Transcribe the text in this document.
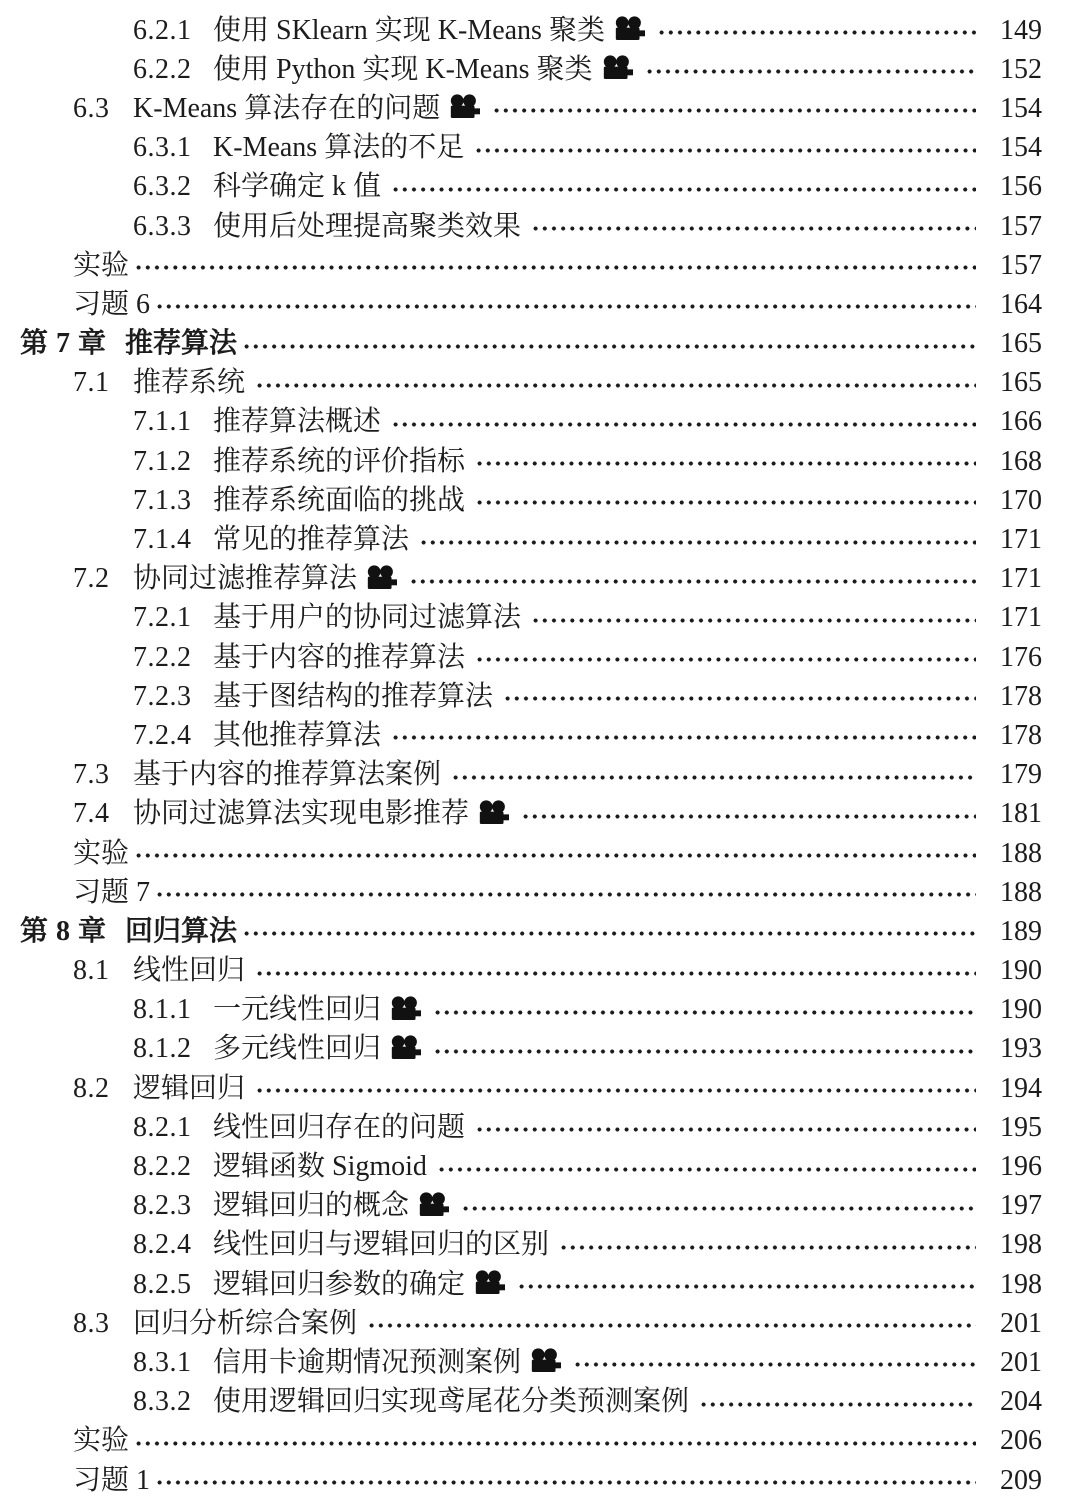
6.2.1 使用 SKlearn 实现 K-Means 聚类	149
6.2.2 使用 Python 实现 K-Means 聚类	152
6.3 K-Means 算法存在的问题	154
6.3.1 K-Means 算法的不足	154
6.3.2 科学确定 k 值	156
6.3.3 使用后处理提高聚类效果	157
实验	157
习题 6	164
第 7 章 推荐算法	165
7.1 推荐系统	165
7.1.1 推荐算法概述	166
7.1.2 推荐系统的评价指标	168
7.1.3 推荐系统面临的挑战	170
7.1.4 常见的推荐算法	171
7.2 协同过滤推荐算法	171
7.2.1 基于用户的协同过滤算法	171
7.2.2 基于内容的推荐算法	176
7.2.3 基于图结构的推荐算法	178
7.2.4 其他推荐算法	178
7.3 基于内容的推荐算法案例	179
7.4 协同过滤算法实现电影推荐	181
实验	188
习题 7	188
第 8 章 回归算法	189
8.1 线性回归	190
8.1.1 一元线性回归	190
8.1.2 多元线性回归	193
8.2 逻辑回归	194
8.2.1 线性回归存在的问题	195
8.2.2 逻辑函数 Sigmoid	196
8.2.3 逻辑回归的概念	197
8.2.4 线性回归与逻辑回归的区别	198
8.2.5 逻辑回归参数的确定	198
8.3 回归分析综合案例	201
8.3.1 信用卡逾期情况预测案例	201
8.3.2 使用逻辑回归实现鸢尾花分类预测案例	204
实验	206
习题 1	209
